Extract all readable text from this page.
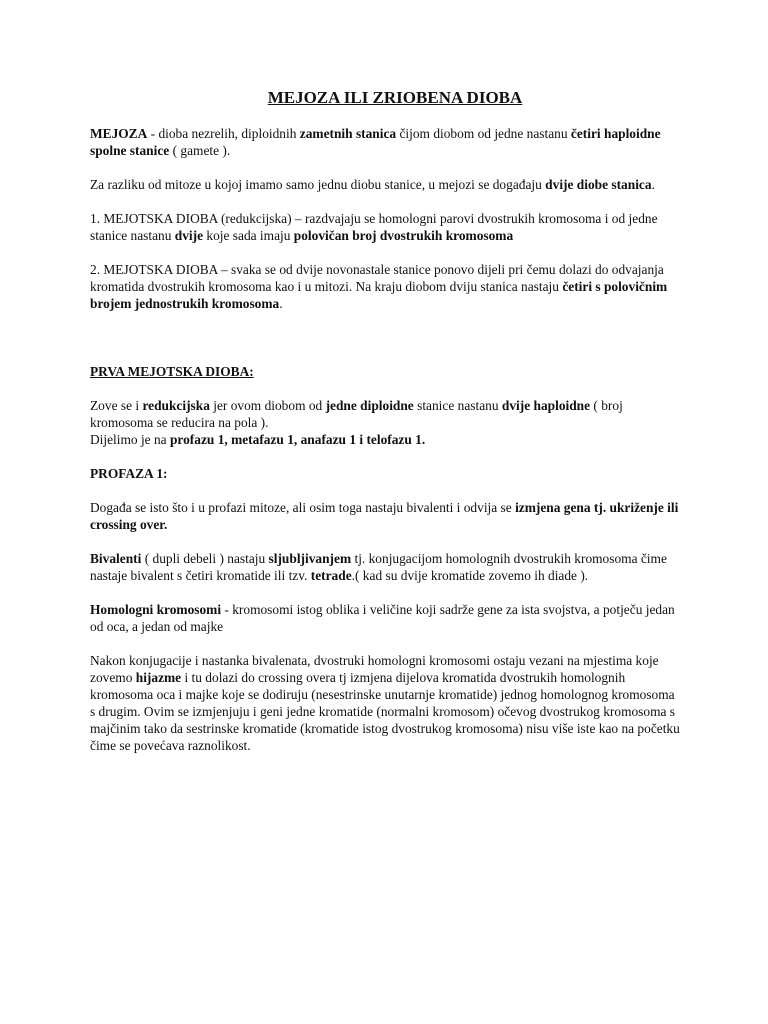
MEJOZA ILI ZRIOBENA DIOBA

MEJOZA - dioba nezrelih, diploidnih zametnih stanica čijom diobom od jedne nastanu četiri haploidne spolne stanice ( gamete ).

Za razliku od mitoze u kojoj imamo samo jednu diobu stanice, u mejozi se događaju dvije diobe stanica.

1. MEJOTSKA DIOBA (redukcijska) – razdvajaju se homologni parovi dvostrukih kromosoma i od jedne stanice nastanu dvije koje sada imaju polovičan broj dvostrukih kromosoma

2. MEJOTSKA DIOBA – svaka se od dvije novonastale stanice ponovo dijeli pri čemu dolazi do odvajanja kromatida dvostrukih kromosoma kao i u mitozi. Na kraju diobom dviju stanica nastaju četiri s polovičnim brojem jednostrukih kromosoma.

PRVA MEJOTSKA DIOBA:

Zove se i redukcijska jer ovom diobom od jedne diploidne stanice nastanu dvije haploidne ( broj kromosoma se reducira na pola ).

Dijelimo je na profazu 1, metafazu 1, anafazu 1 i telofazu 1.

PROFAZA 1:

Događa se isto što i u profazi mitoze, ali osim toga nastaju bivalenti i odvija se izmjena gena tj. ukriženje ili crossing over.

Bivalenti ( dupli debeli ) nastaju sljubljivanjem tj. konjugacijom homolognih dvostrukih kromosoma čime nastaje bivalent s četiri kromatide ili tzv. tetrade.( kad su dvije kromatide zovemo ih diade ).

Homologni kromosomi - kromosomi istog oblika i veličine koji sadrže gene za ista svojstva, a potječu jedan od oca, a jedan od majke

Nakon konjugacije i nastanka bivalenata, dvostruki homologni kromosomi ostaju vezani na mjestima koje zovemo hijazme i tu dolazi do crossing overa tj izmjena dijelova kromatida dvostrukih homolognih kromosoma oca i majke koje se dodiruju (nesestrinske unutarnje kromatide) jednog homolognog kromosoma s drugim. Ovim se izmjenjuju i geni jedne kromatide (normalni kromosom) očevog dvostrukog kromosoma s majčinim tako da sestrinske kromatide (kromatide istog dvostrukog kromosoma) nisu više iste kao na početku čime se povećava raznolikost.
